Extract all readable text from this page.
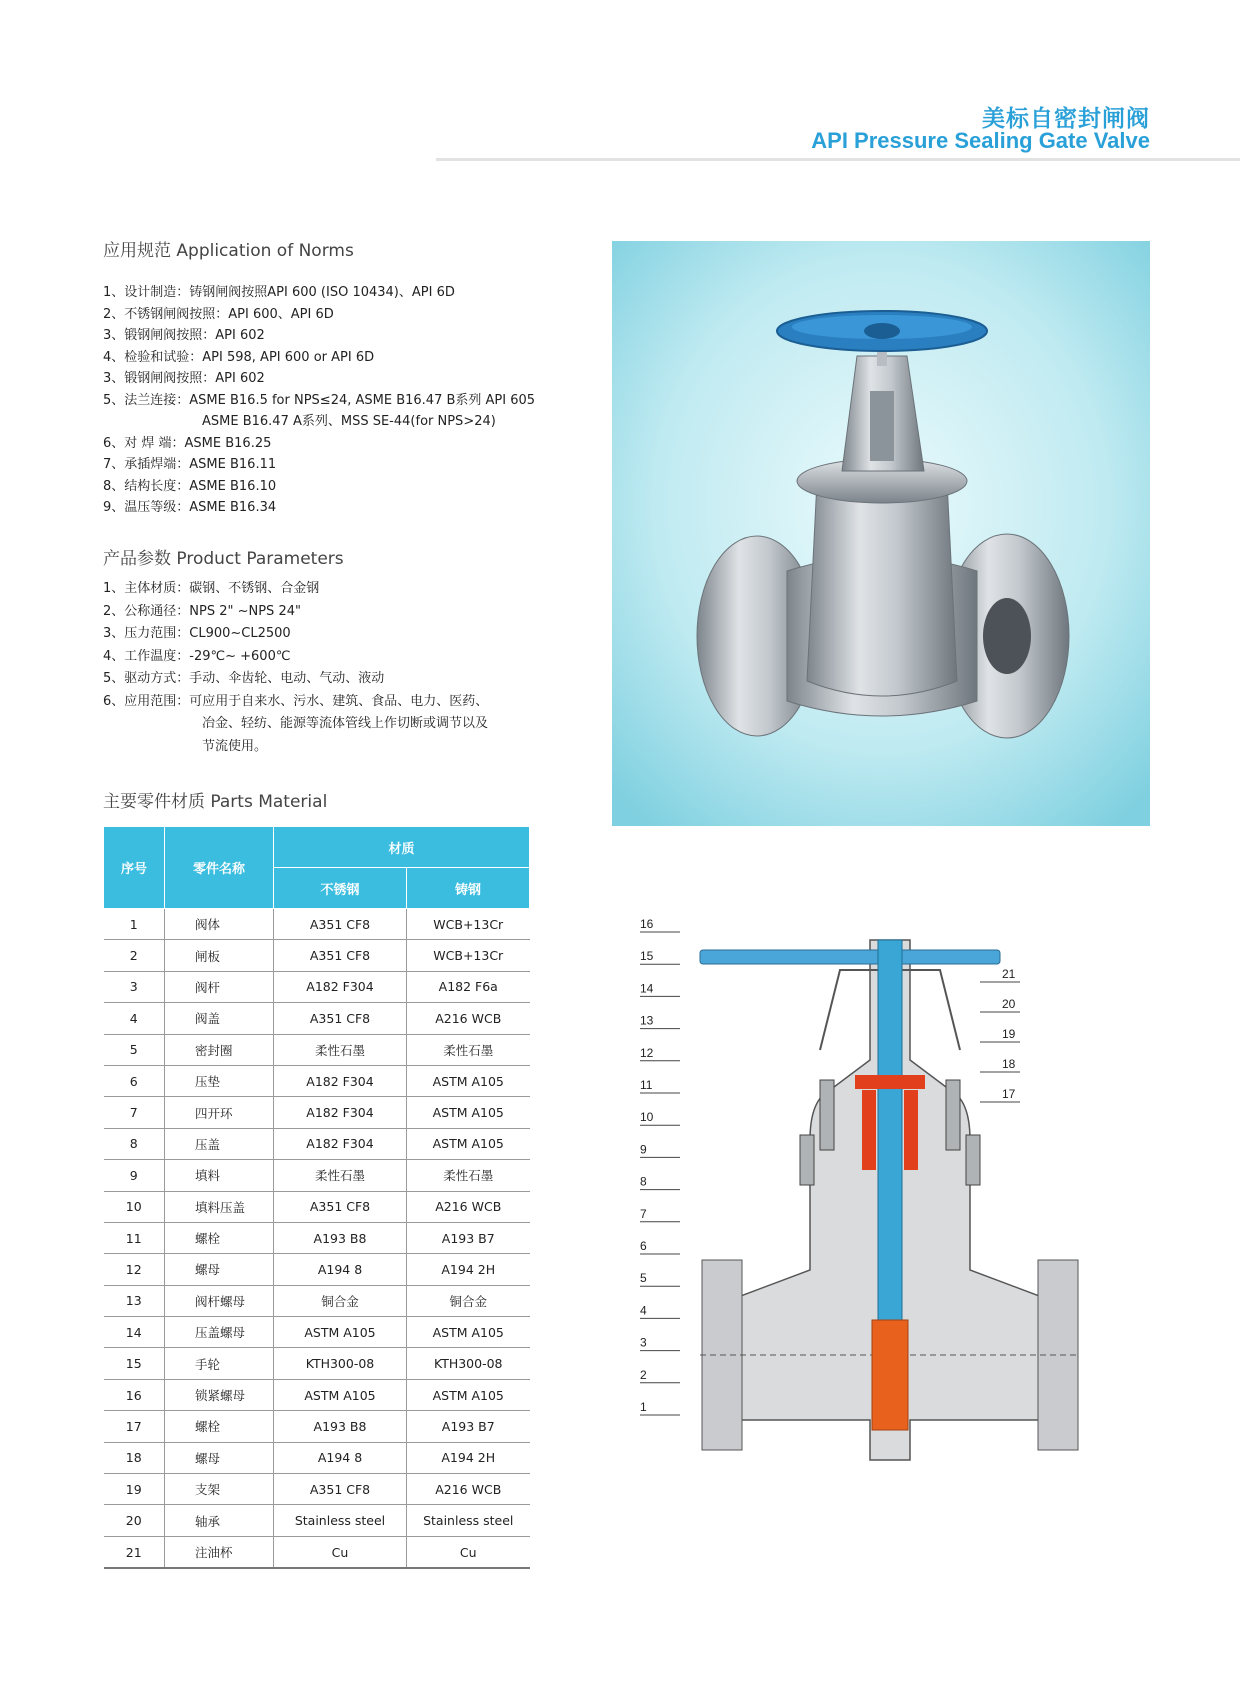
美标自密封闸阀
API Pressure Sealing Gate Valve
应用规范 Application of Norms
1、设计制造：铸钢闸阀按照API 600 (ISO 10434)、API 6D
2、不锈钢闸阀按照：API 600、API 6D
3、锻钢闸阀按照：API 602
4、检验和试验：API 598, API 600 or API 6D
3、锻钢闸阀按照：API 602
5、法兰连接：ASME B16.5 for NPS≤24, ASME B16.47 B系列 API 605
ASME B16.47 A系列、MSS SE-44(for NPS>24)
6、对 焊 端：ASME B16.25
7、承插焊端：ASME B16.11
8、结构长度：ASME B16.10
9、温压等级：ASME B16.34
产品参数 Product Parameters
1、主体材质：碳钢、不锈钢、合金钢
2、公称通径：NPS 2" ~NPS 24"
3、压力范围：CL900~CL2500
4、工作温度：-29℃~ +600℃
5、驱动方式：手动、伞齿轮、电动、气动、液动
6、应用范围：可应用于自来水、污水、建筑、食品、电力、医药、
冶金、轻纺、能源等流体管线上作切断或调节以及
节流使用。
主要零件材质 Parts Material
序号	零件名称	材质	
		不锈钢	铸钢
1	阀体	A351 CF8	WCB+13Cr
2	闸板	A351 CF8	WCB+13Cr
3	阀杆	A182 F304	A182 F6a
4	阀盖	A351 CF8	A216 WCB
5	密封圈	柔性石墨	柔性石墨
6	压垫	A182 F304	ASTM A105
7	四开环	A182 F304	ASTM A105
8	压盖	A182 F304	ASTM A105
9	填料	柔性石墨	柔性石墨
10	填料压盖	A351 CF8	A216 WCB
11	螺栓	A193 B8	A193 B7
12	螺母	A194 8	A194 2H
13	阀杆螺母	铜合金	铜合金
14	压盖螺母	ASTM A105	ASTM A105
15	手轮	KTH300-08	KTH300-08
16	锁紧螺母	ASTM A105	ASTM A105
17	螺栓	A193 B8	A193 B7
18	螺母	A194 8	A194 2H
19	支架	A351 CF8	A216 WCB
20	轴承	Stainless steel	Stainless steel
21	注油杯	Cu	Cu
16
15
14
13
12
11
10
9
8
7
6
5
4
3
2
1
21
20
19
18
17
